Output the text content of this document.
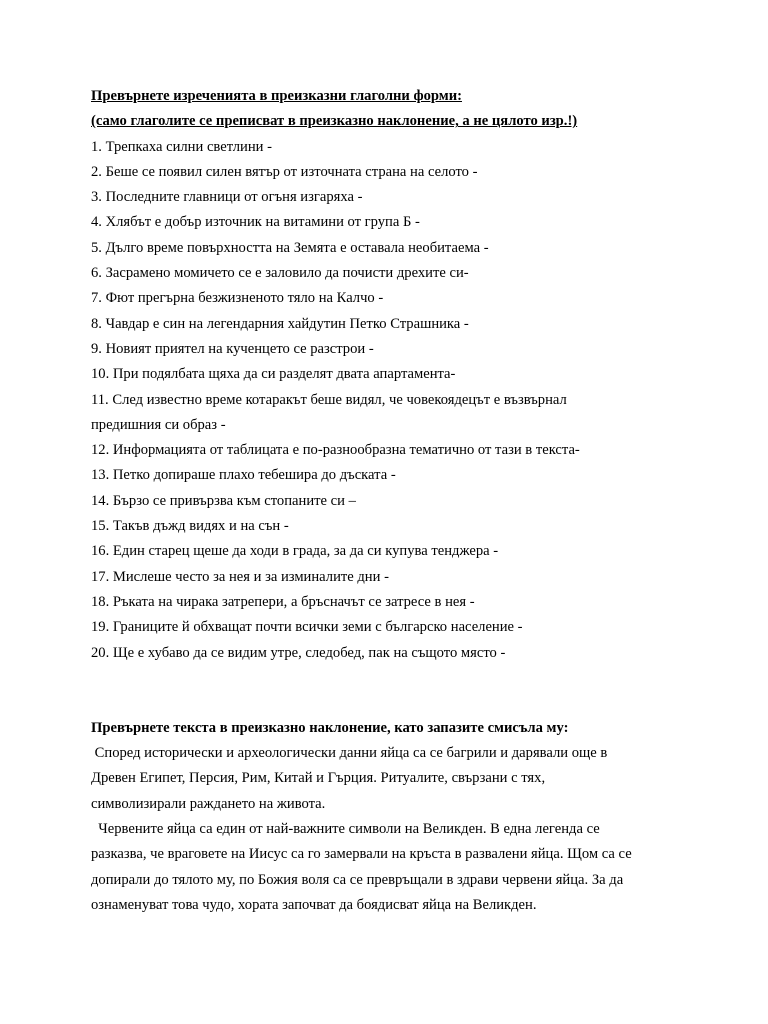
Превърнете изреченията в преизказни глаголни форми:
(само глаголите се преписват в преизказно наклонение, а не цялото изр.!)
1. Трепкаха силни светлини -
2. Беше се появил силен вятър от източната страна на селото -
3. Последните главници от огъня изгаряха -
4. Хлябът е добър източник на витамини от група Б -
5. Дълго време повърхността на Земята е оставала необитаема -
6. Засрамено момичето се е заловило да почисти дрехите си-
7. Фют прегърна безжизненото тяло на Калчо -
8. Чавдар е син на легендарния хайдутин Петко Страшника -
9. Новият приятел на кученцето се разстрои -
10. При подялбата щяха да си разделят двата апартамента-
11. След известно време котаракът беше видял, че човекоядецът е възвърнал
предишния си образ -
12. Информацията от таблицата е по-разнообразна тематично от тази в текста-
13. Петко допираше плахо тебешира до дъската -
14. Бързо се привързва към стопаните си –
15. Такъв дъжд видях и на сън -
16. Един старец щеше да ходи в града, за да си купува тенджера -
17. Мислеше често за нея и за изминалите дни -
18. Ръката на чирака затрепери, а бръсначът се затресе в нея -
19. Границите й обхващат почти всички земи с българско население -
20. Ще е хубаво да се видим утре, следобед, пак на същото място -
Превърнете текста в преизказно наклонение, като запазите смисъла му:
Според исторически и археологически данни яйца са се багрили и дарявали още в
Древен Египет, Персия, Рим, Китай и Гърция. Ритуалите, свързани с тях,
символизирали раждането на живота.
Червените яйца са един от най-важните символи на Великден. В една легенда се
разказва, че враговете на Иисус са го замервали на кръста в развалени яйца. Щом са се
допирали до тялото му, по Божия воля са се превръщали в здрави червени яйца. За да
ознаменуват това чудо, хората започват да боядисват яйца на Великден.
